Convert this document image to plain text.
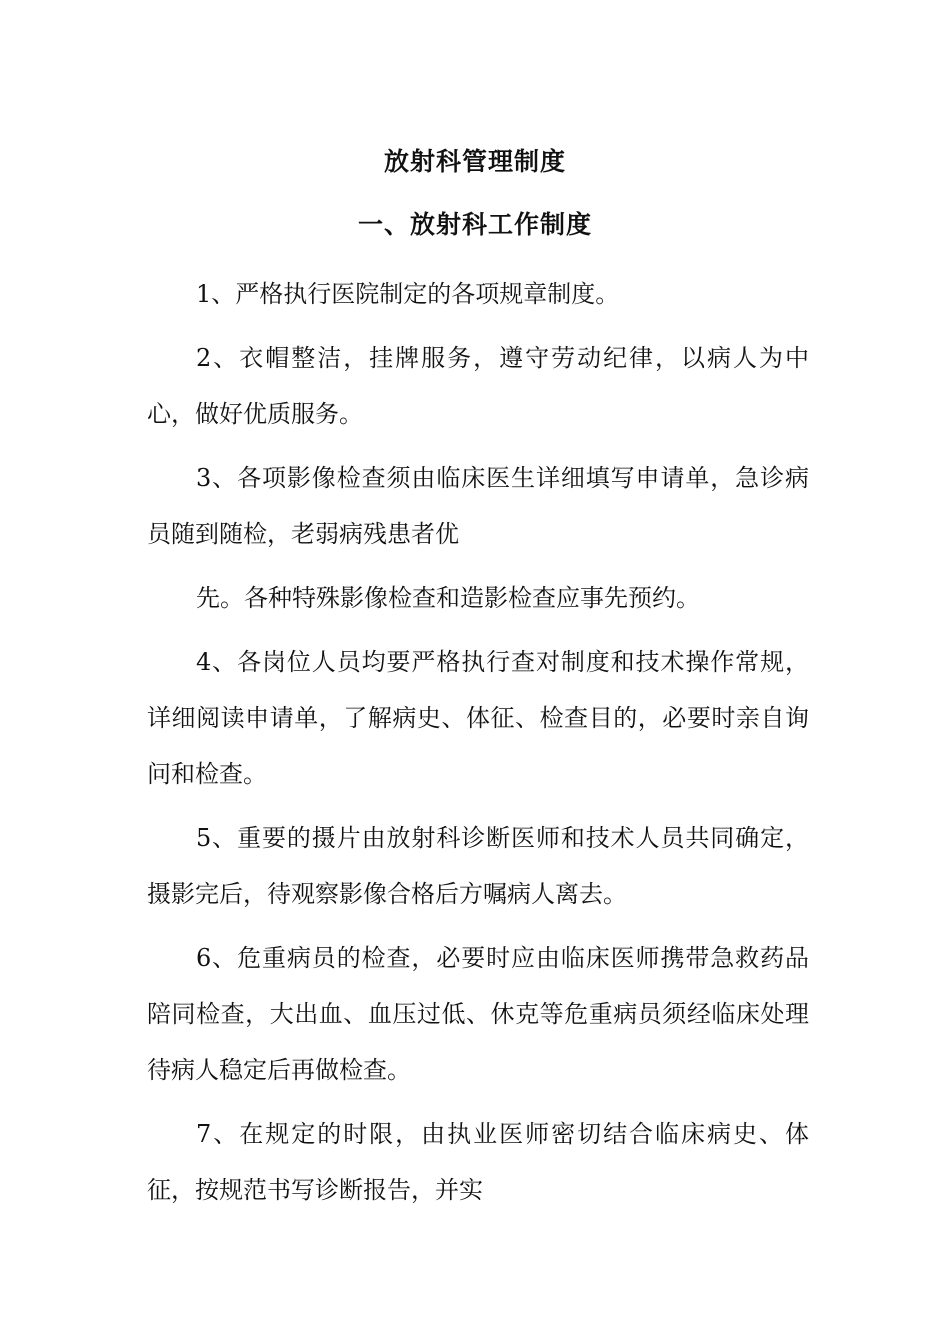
放射科管理制度
一、放射科工作制度

1、严格执行医院制定的各项规章制度。

2、衣帽整洁，挂牌服务，遵守劳动纪律，以病人为中心，做好优质服务。

3、各项影像检查须由临床医生详细填写申请单，急诊病员随到随检，老弱病残患者优

先。各种特殊影像检查和造影检查应事先预约。

4、各岗位人员均要严格执行查对制度和技术操作常规，详细阅读申请单，了解病史、体征、检查目的，必要时亲自询问和检查。

5、重要的摄片由放射科诊断医师和技术人员共同确定，摄影完后，待观察影像合格后方嘱病人离去。

6、危重病员的检查，必要时应由临床医师携带急救药品陪同检查，大出血、血压过低、休克等危重病员须经临床处理待病人稳定后再做检查。

7、在规定的时限，由执业医师密切结合临床病史、体征，按规范书写诊断报告，并实
